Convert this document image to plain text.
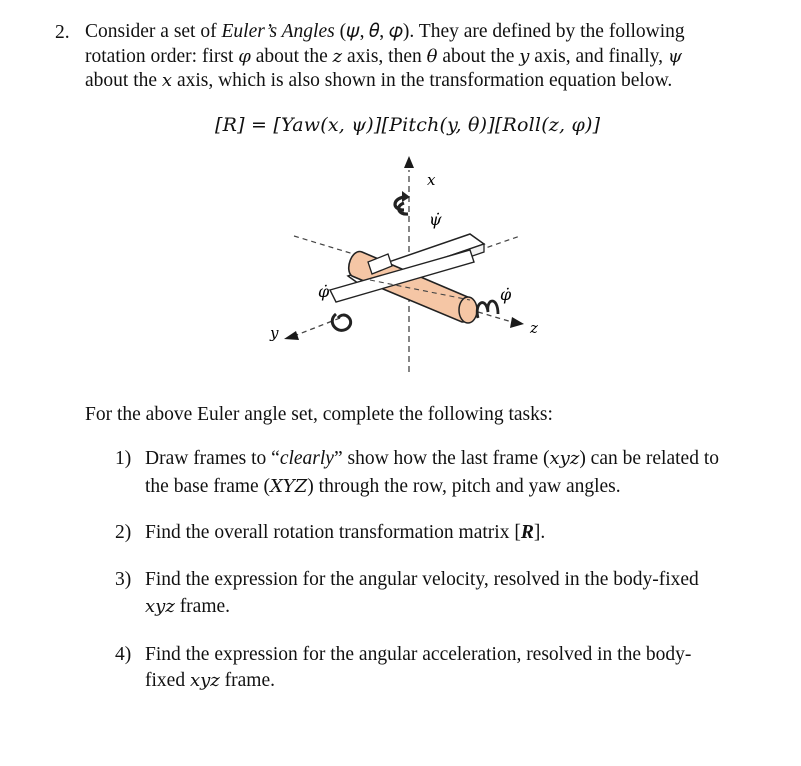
2. Consider a set of Euler’s Angles (𝜓, 𝜃, 𝜑). They are defined by the following
rotation order: first 𝜑 about the 𝑧 axis, then 𝜃 about the 𝑦 axis, and finally, 𝜓
about the 𝑥 axis, which is also shown in the transformation equation below.
[R] = [Yaw(x, ψ)][Pitch(y, θ)][Roll(z, φ)]
x
ψ̇
φ̇	φ̇
y	z
For the above Euler angle set, complete the following tasks:
1) Draw frames to “clearly” show how the last frame (xyz) can be related to
the base frame (XYZ) through the row, pitch and yaw angles.
2) Find the overall rotation transformation matrix [R].
3) Find the expression for the angular velocity, resolved in the body-fixed
xyz frame.
4) Find the expression for the angular acceleration, resolved in the body-
fixed xyz frame.
